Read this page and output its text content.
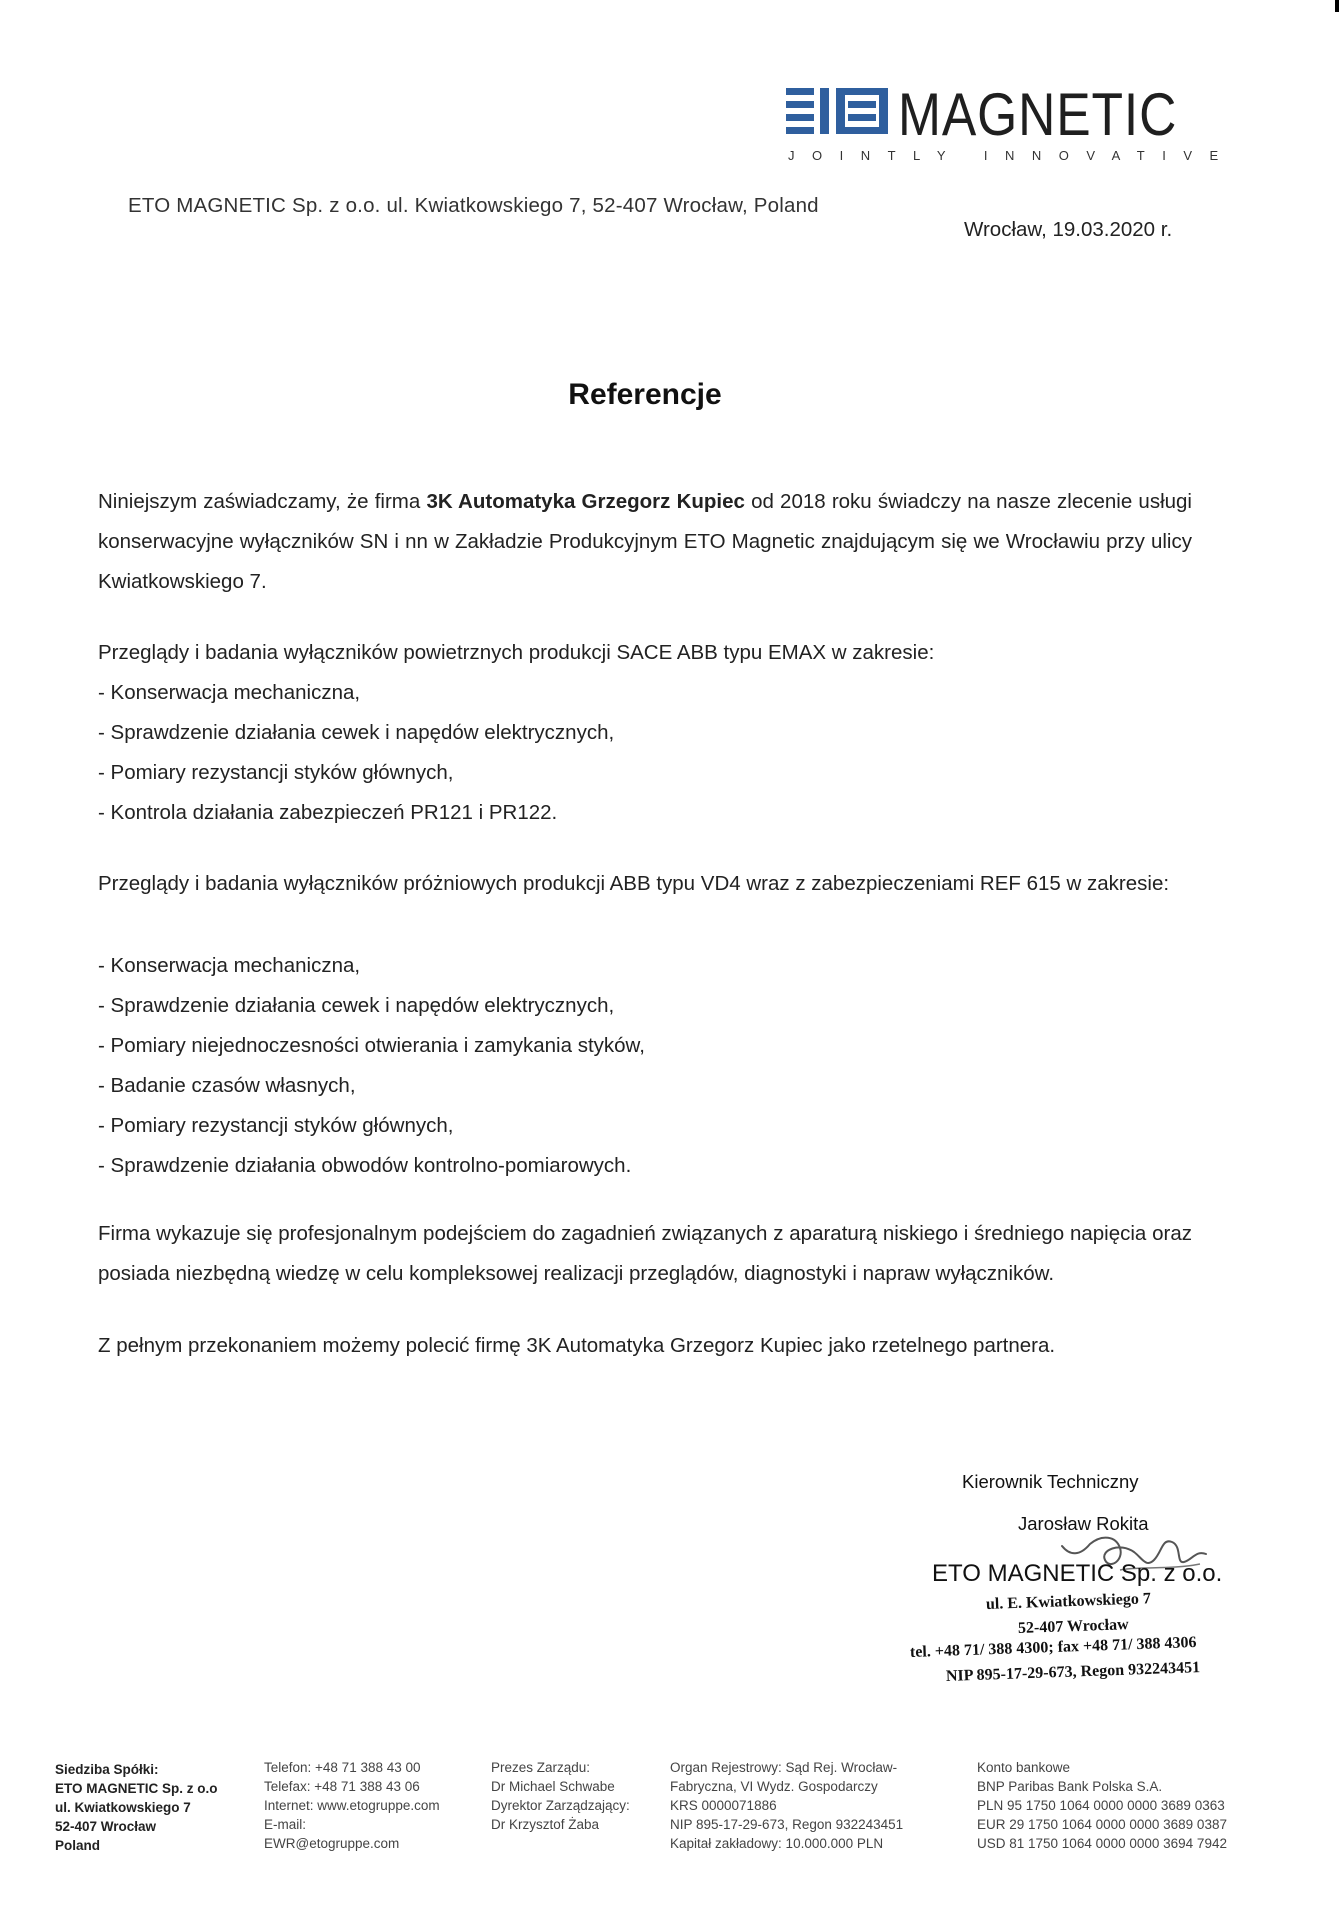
MAGNETIC
JOINTLY INNOVATIVE
ETO MAGNETIC Sp. z o.o. ul. Kwiatkowskiego 7, 52-407 Wrocław, Poland
Wrocław, 19.03.2020 r.
Referencje

Niniejszym zaświadczamy, że firma 3K Automatyka Grzegorz Kupiec od 2018 roku świadczy na nasze zlecenie usługi konserwacyjne wyłączników SN i nn w Zakładzie Produkcyjnym ETO Magnetic znajdującym się we Wrocławiu przy ulicy Kwiatkowskiego 7.

Przeglądy i badania wyłączników powietrznych produkcji SACE ABB typu EMAX w zakresie:
- Konserwacja mechaniczna,
- Sprawdzenie działania cewek i napędów elektrycznych,
- Pomiary rezystancji styków głównych,
- Kontrola działania zabezpieczeń PR121 i PR122.

Przeglądy i badania wyłączników próżniowych produkcji ABB typu VD4 wraz z zabezpieczeniami REF 615 w zakresie:

- Konserwacja mechaniczna,
- Sprawdzenie działania cewek i napędów elektrycznych,
- Pomiary niejednoczesności otwierania i zamykania styków,
- Badanie czasów własnych,
- Pomiary rezystancji styków głównych,
- Sprawdzenie działania obwodów kontrolno-pomiarowych.

Firma wykazuje się profesjonalnym podejściem do zagadnień związanych z aparaturą niskiego i średniego napięcia oraz posiada niezbędną wiedzę w celu kompleksowej realizacji przeglądów, diagnostyki i napraw wyłączników.

Z pełnym przekonaniem możemy polecić firmę 3K Automatyka Grzegorz Kupiec jako rzetelnego partnera.
Kierownik Techniczny
Jarosław Rokita
ETO MAGNETIC Sp. z o.o.
ul. E. Kwiatkowskiego 7
52-407 Wrocław
tel. +48 71/ 388 4300; fax +48 71/ 388 4306
NIP 895-17-29-673, Regon 932243451
Siedziba Spółki:
ETO MAGNETIC Sp. z o.o
ul. Kwiatkowskiego 7
52-407 Wrocław
Poland
Telefon: +48 71 388 43 00
Telefax: +48 71 388 43 06
Internet: www.etogruppe.com
E-mail:
EWR@etogruppe.com
Prezes Zarządu:
Dr Michael Schwabe
Dyrektor Zarządzający:
Dr Krzysztof Żaba
Organ Rejestrowy: Sąd Rej. Wrocław-
Fabryczna, VI Wydz. Gospodarczy
KRS 0000071886
NIP 895-17-29-673, Regon 932243451
Kapitał zakładowy: 10.000.000 PLN
Konto bankowe
BNP Paribas Bank Polska S.A.
PLN 95 1750 1064 0000 0000 3689 0363
EUR 29 1750 1064 0000 0000 3689 0387
USD 81 1750 1064 0000 0000 3694 7942
